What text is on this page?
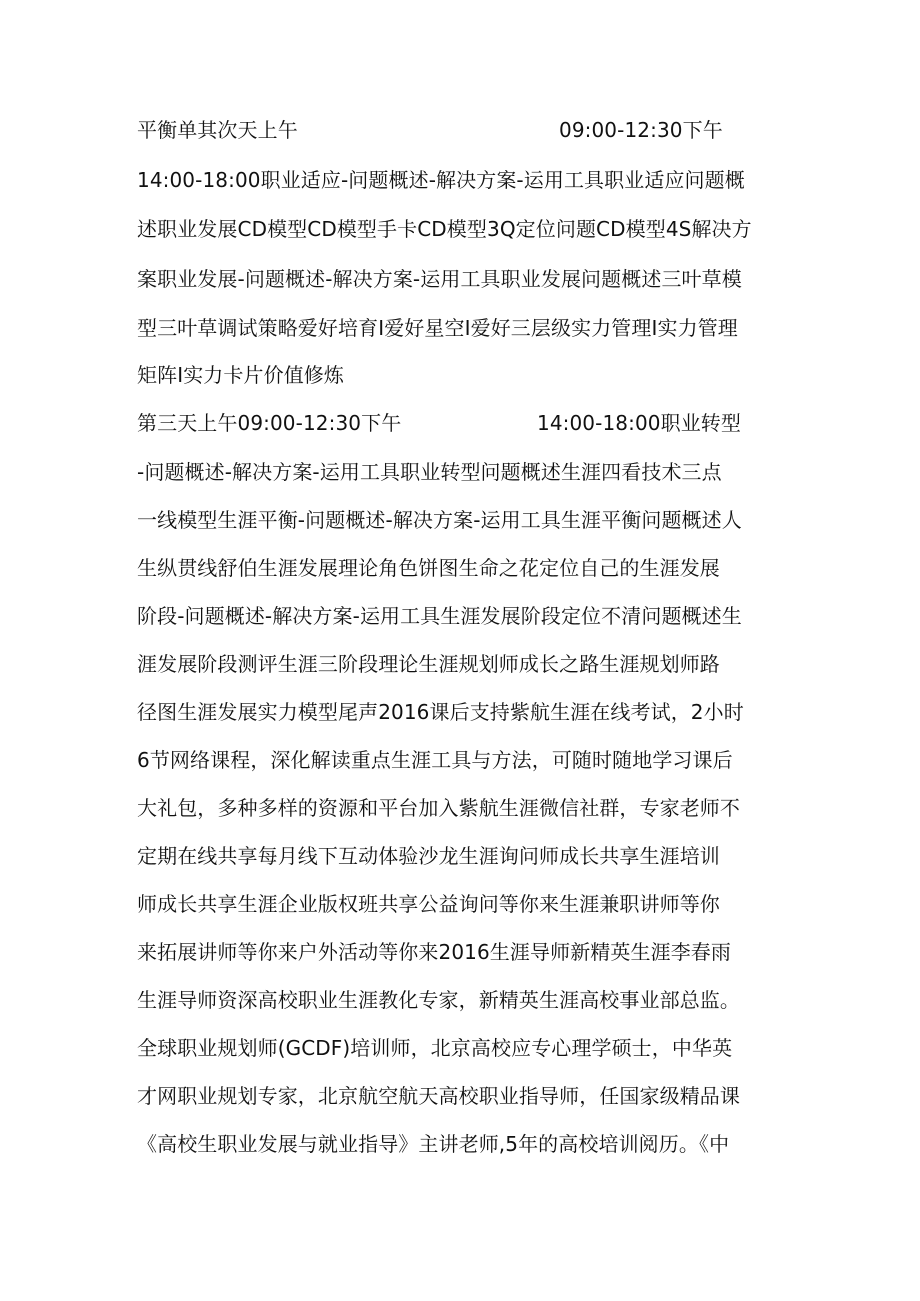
平衡单其次天上午	09:00-12:30下午
14:00-18:00职业适应-问题概述-解决方案-运用工具职业适应问题概
述职业发展CD模型CD模型手卡CD模型3Q定位问题CD模型4S解决方
案职业发展-问题概述-解决方案-运用工具职业发展问题概述三叶草模
型三叶草调试策略爱好培育I爱好星空I爱好三层级实力管理I实力管理
矩阵I实力卡片价值修炼
第三天上午09:00-12:30下午	14:00-18:00职业转型
-问题概述-解决方案-运用工具职业转型问题概述生涯四看技术三点
一线模型生涯平衡-问题概述-解决方案-运用工具生涯平衡问题概述人
生纵贯线舒伯生涯发展理论角色饼图生命之花定位自己的生涯发展
阶段-问题概述-解决方案-运用工具生涯发展阶段定位不清问题概述生
涯发展阶段测评生涯三阶段理论生涯规划师成长之路生涯规划师路
径图生涯发展实力模型尾声2016课后支持紫航生涯在线考试，2小时
6节网络课程，深化解读重点生涯工具与方法，可随时随地学习课后
大礼包，多种多样的资源和平台加入紫航生涯微信社群，专家老师不
定期在线共享每月线下互动体验沙龙生涯询问师成长共享生涯培训
师成长共享生涯企业版权班共享公益询问等你来生涯兼职讲师等你
来拓展讲师等你来户外活动等你来2016生涯导师新精英生涯李春雨
生涯导师资深高校职业生涯教化专家，新精英生涯高校事业部总监。
全球职业规划师(GCDF)培训师，北京高校应专心理学硕士，中华英
才网职业规划专家，北京航空航天高校职业指导师，任国家级精品课
《高校生职业发展与就业指导》主讲老师,5年的高校培训阅历。《中
